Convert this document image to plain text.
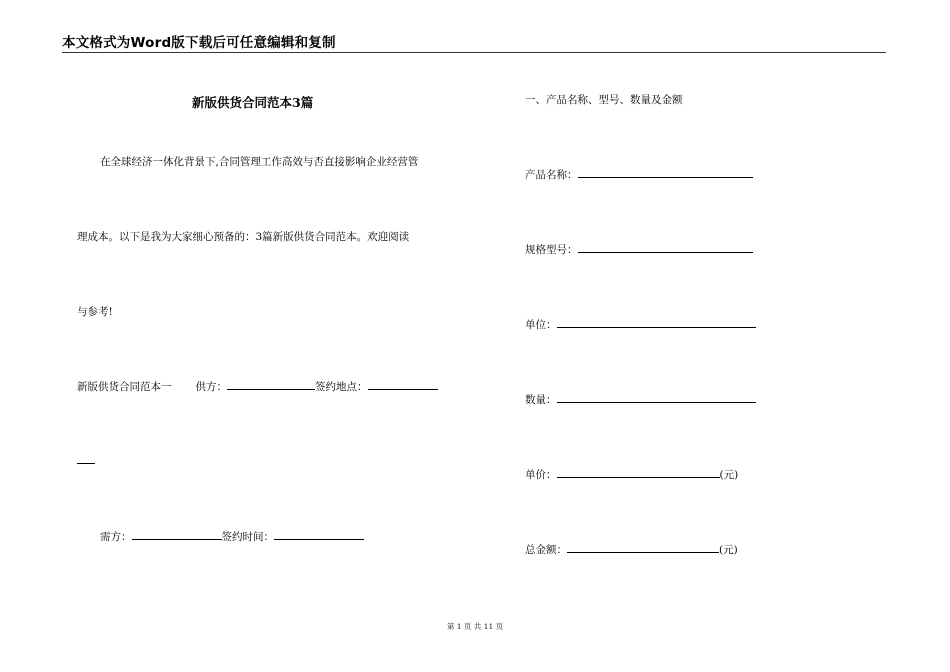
本文格式为Word版下载后可任意编辑和复制
新版供货合同范本3篇
在全球经济一体化背景下,合同管理工作高效与否直接影响企业经营管
理成本。以下是我为大家细心预备的：3篇新版供货合同范本。欢迎阅读
与参考!
新版供货合同范本一 供方：	签约地点：
需方：	签约时间：
一、产品名称、型号、数量及金额
产品名称：
规格型号：
单位：
数量：
单价：	(元)
总金额：	(元)
第 1 页 共 11 页
